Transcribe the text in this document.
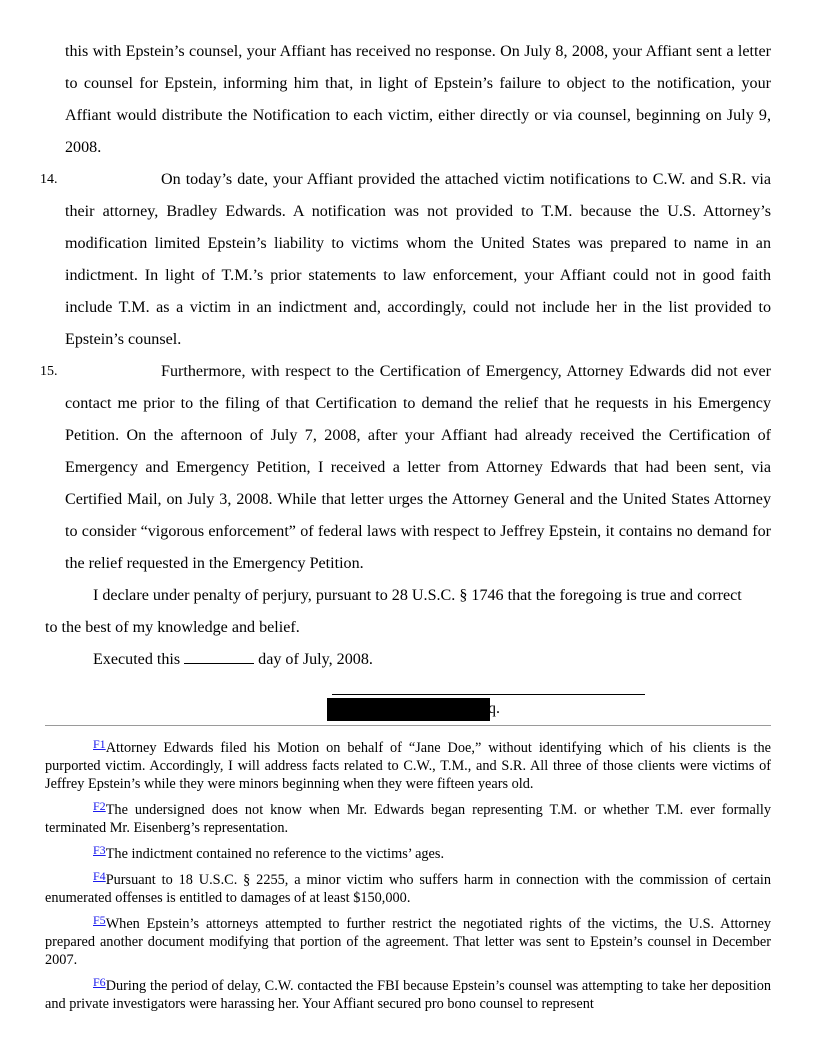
this with Epstein’s counsel, your Affiant has received no response. On July 8, 2008, your Affiant sent a letter to counsel for Epstein, informing him that, in light of Epstein’s failure to object to the notification, your Affiant would distribute the Notification to each victim, either directly or via counsel, beginning on July 9, 2008.
14.	On today’s date, your Affiant provided the attached victim notifications to C.W. and S.R. via their attorney, Bradley Edwards. A notification was not provided to T.M. because the U.S. Attorney’s modification limited Epstein’s liability to victims whom the United States was prepared to name in an indictment. In light of T.M.’s prior statements to law enforcement, your Affiant could not in good faith include T.M. as a victim in an indictment and, accordingly, could not include her in the list provided to Epstein’s counsel.
15.	Furthermore, with respect to the Certification of Emergency, Attorney Edwards did not ever contact me prior to the filing of that Certification to demand the relief that he requests in his Emergency Petition. On the afternoon of July 7, 2008, after your Affiant had already received the Certification of Emergency and Emergency Petition, I received a letter from Attorney Edwards that had been sent, via Certified Mail, on July 3, 2008. While that letter urges the Attorney General and the United States Attorney to consider “vigorous enforcement” of federal laws with respect to Jeffrey Epstein, it contains no demand for the relief requested in the Emergency Petition.
I declare under penalty of perjury, pursuant to 28 U.S.C. § 1746 that the foregoing is true and correct to the best of my knowledge and belief.
Executed this	day of July, 2008.
q.

$^{F1}$Attorney Edwards filed his Motion on behalf of “Jane Doe,” without identifying which of his clients is the purported victim. Accordingly, I will address facts related to C.W., T.M., and S.R. All three of those clients were victims of Jeffrey Epstein’s while they were minors beginning when they were fifteen years old.

$^{F2}$The undersigned does not know when Mr. Edwards began representing T.M. or whether T.M. ever formally terminated Mr. Eisenberg’s representation.

$^{F3}$The indictment contained no reference to the victims’ ages.

$^{F4}$Pursuant to 18 U.S.C. § 2255, a minor victim who suffers harm in connection with the commission of certain enumerated offenses is entitled to damages of at least $150,000.

$^{F5}$When Epstein’s attorneys attempted to further restrict the negotiated rights of the victims, the U.S. Attorney prepared another document modifying that portion of the agreement. That letter was sent to Epstein’s counsel in December 2007.

$^{F6}$During the period of delay, C.W. contacted the FBI because Epstein’s counsel was attempting to take her deposition and private investigators were harassing her. Your Affiant secured pro bono counsel to represent
